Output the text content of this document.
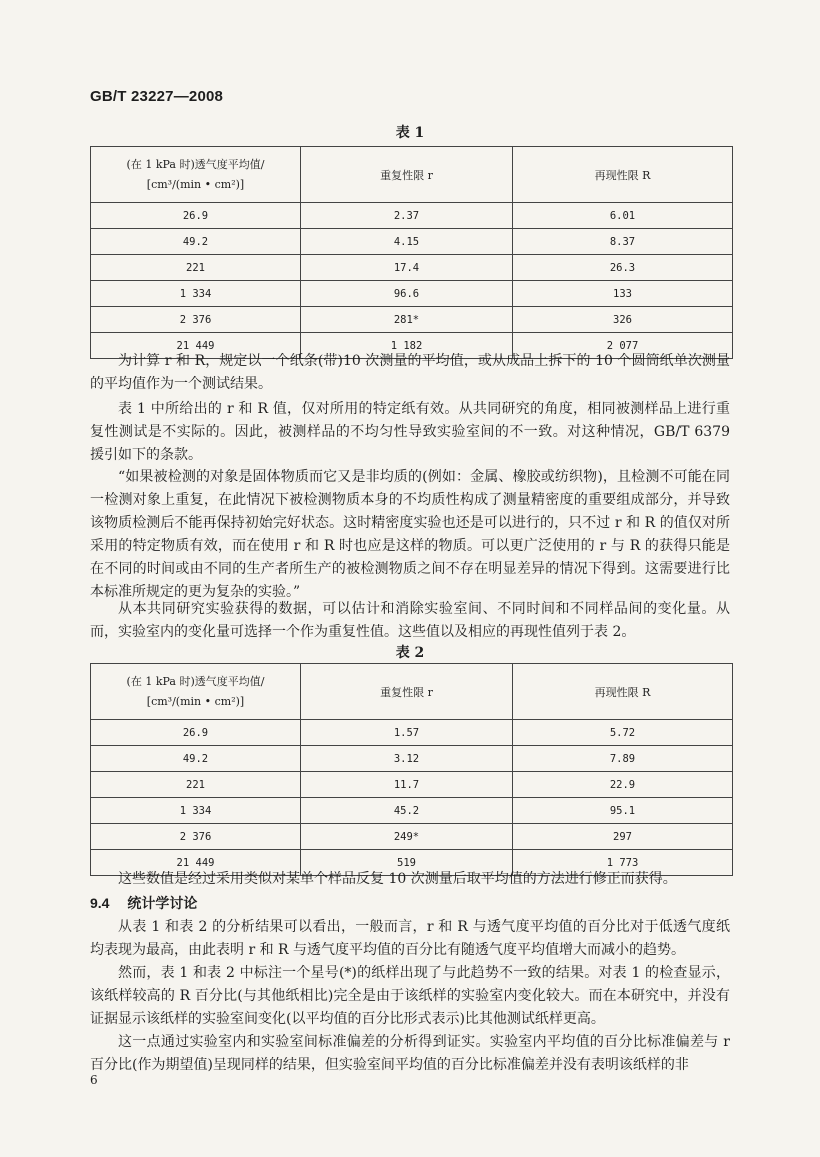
GB/T 23227—2008
表 1
(在 1 kPa 时)透气度平均值/
[cm³/(min • cm²)]	重复性限 r	再现性限 R
26.9	2.37	6.01
49.2	4.15	8.37
221	17.4	26.3
1 334	96.6	133
2 376	281*	326
21 449	1 182	2 077

为计算 r 和 R，规定以一个纸条(带)10 次测量的平均值，或从成品上拆下的 10 个圆筒纸单次测量的平均值作为一个测试结果。

表 1 中所给出的 r 和 R 值，仅对所用的特定纸有效。从共同研究的角度，相同被测样品上进行重复性测试是不实际的。因此，被测样品的不均匀性导致实验室间的不一致。对这种情况，GB/T 6379 援引如下的条款。

“如果被检测的对象是固体物质而它又是非均质的(例如：金属、橡胶或纺织物)，且检测不可能在同一检测对象上重复，在此情况下被检测物质本身的不均质性构成了测量精密度的重要组成部分，并导致该物质检测后不能再保持初始完好状态。这时精密度实验也还是可以进行的，只不过 r 和 R 的值仅对所采用的特定物质有效，而在使用 r 和 R 时也应是这样的物质。可以更广泛使用的 r 与 R 的获得只能是在不同的时间或由不同的生产者所生产的被检测物质之间不存在明显差异的情况下得到。这需要进行比本标准所规定的更为复杂的实验。”

从本共同研究实验获得的数据，可以估计和消除实验室间、不同时间和不同样品间的变化量。从而，实验室内的变化量可选择一个作为重复性值。这些值以及相应的再现性值列于表 2。

表 2
(在 1 kPa 时)透气度平均值/
[cm³/(min • cm²)]	重复性限 r	再现性限 R
26.9	1.57	5.72
49.2	3.12	7.89
221	11.7	22.9
1 334	45.2	95.1
2 376	249*	297
21 449	519	1 773

这些数值是经过采用类似对某单个样品反复 10 次测量后取平均值的方法进行修正而获得。

9.4 统计学讨论

从表 1 和表 2 的分析结果可以看出，一般而言，r 和 R 与透气度平均值的百分比对于低透气度纸均表现为最高，由此表明 r 和 R 与透气度平均值的百分比有随透气度平均值增大而减小的趋势。

然而，表 1 和表 2 中标注一个星号(*)的纸样出现了与此趋势不一致的结果。对表 1 的检查显示，该纸样较高的 R 百分比(与其他纸相比)完全是由于该纸样的实验室内变化较大。而在本研究中，并没有证据显示该纸样的实验室间变化(以平均值的百分比形式表示)比其他测试纸样更高。

这一点通过实验室内和实验室间标准偏差的分析得到证实。实验室内平均值的百分比标准偏差与 r 百分比(作为期望值)呈现同样的结果，但实验室间平均值的百分比标准偏差并没有表明该纸样的非

6
